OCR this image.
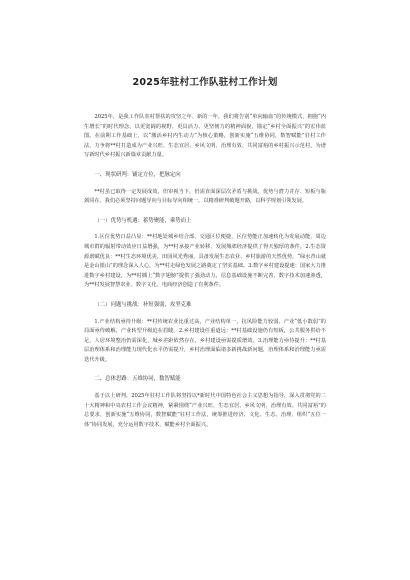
2025年驻村工作队驻村工作计划

2025年，是我工作队驻村帮扶的攻坚之年、新的一年，我们将告别“单向输血”的传统模式，拥抱“内生增长”的时代理念，以更宽阔的视野、更具活力、更坚韧力的精神面貌，锚定“乡村全面振兴”的宏伟蓝图。在前期工作基础上，以“激活乡村内生动力”为核心策略，创新实施“五维协同，数智赋能”驻村工作法，力争将**村打造成为产业兴旺、生态宜居、乡风文明、治理有效、共同富裕的乡村振兴示范村，为谱写新时代乡村振兴新篇章贡献力量。

一、现状研判：铺定方位，把脉定向

**村虽已取得一定发展成效，但审视当下，仍需直面深层次矛盾与挑战，优势与潜力并存、短板与瓶颈同在。我们必须坚持问题导向与目标导向相统一，以精准研判破题开路，以科学规划引领发展。

（一）优势与机遇：蓄势聚能，乘势而上

1.区位优势日益凸显：**村地处城乡结合部，交通区位便捷，区位势能正加速转化为发展动能，周边城市群的辐射带动效应日益增强，为**村承接产业转移、发展城郊经济提供了得天独厚的条件。2.生态资源禀赋优良：**村生态环境优美，田园风光秀丽，具备发展生态农业、乡村旅游的天然优势，“绿水青山就是金山银山”的理念深入人心，为**村走绿色发展之路奠定了坚实基础。3.数字乡村建设提速：国家大力推进数字乡村建设，为**村插上“数字翅膀”提供了强劲动力，信息基础设施不断完善，数字技术加速渗透，为**村发展智慧农业、数字文化、电商经济创造了有利条件。

（二）问题与挑战：补短强弱，攻坚克难

1.产业结构亟待升级：**村传统农业比重过高，产业结构单一，抗风险能力较弱，产业“低小散弱”的局面亟待破解，产业转型升级迫在眉睫。2.乡村建设任重道远：**村基础设施仍有短板，公共服务供给不足，人居环境整治仍需深化，城乡差距依然存在，乡村建设亟需提质增效。3.治理能力亟待提升：**村基层治理体系和治理能力现代化水平仍需提升，乡村治理面临诸多新挑战新问题，治理体系和治理能力亟需迭代升级。

二、总体思路：五维协同，数智赋能

基于以上研判，2025年驻村工作队将坚持以*新时代中国特色社会主义思想为指导，深入贯彻党的二十大精神和中央农村工作会议精神，紧紧围绕“产业兴旺、生态宜居、乡风文明、治理有效、共同富裕”的总要求，创新实施“五维协同，数智赋能”驻村工作法，统筹推进经济、文化、生态、治理、组织“五位一体”协同发展，充分运用数字技术，赋能乡村全面振兴。
